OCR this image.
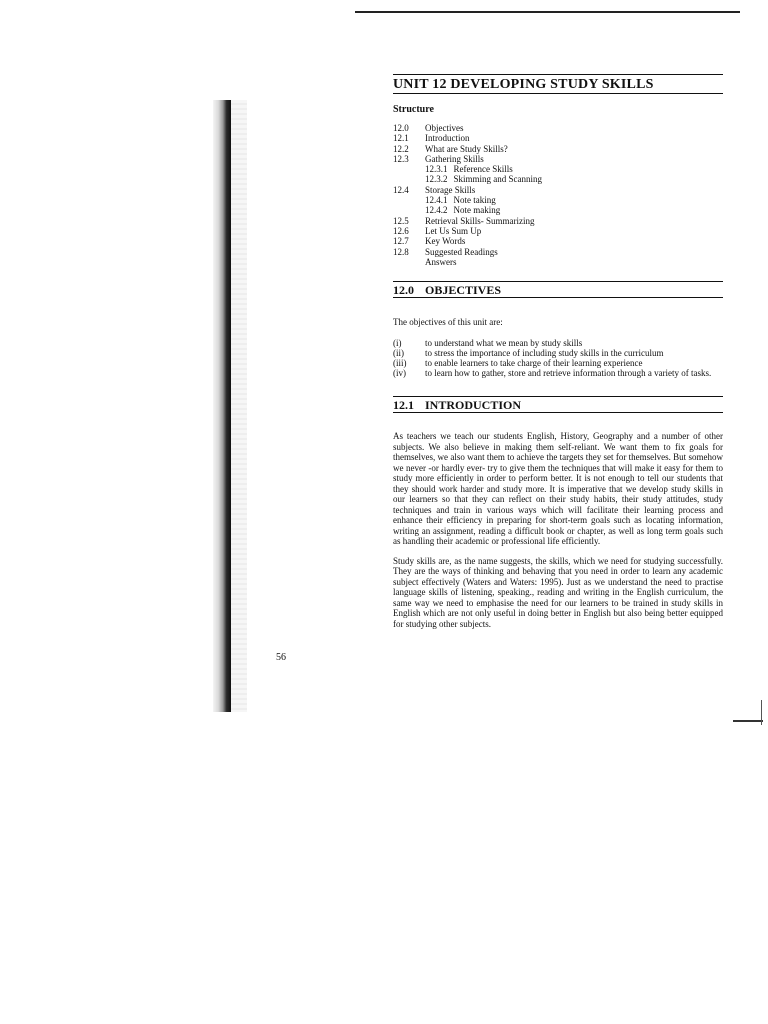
56
UNIT 12 DEVELOPING STUDY SKILLS
Structure
12.0	Objectives
12.1	Introduction
12.2	What are Study Skills?
12.3	Gathering Skills
12.3.1 Reference Skills
12.3.2 Skimming and Scanning
12.4	Storage Skills
12.4.1 Note taking
12.4.2 Note making
12.5	Retrieval Skills- Summarizing
12.6	Let Us Sum Up
12.7	Key Words
12.8	Suggested Readings
Answers
12.0 OBJECTIVES

The objectives of this unit are:

(i)	to understand what we mean by study skills
(ii)	to stress the importance of including study skills in the curriculum
(iii)	to enable learners to take charge of their learning experience
(iv)	to learn how to gather, store and retrieve information through a variety of tasks.
12.1 INTRODUCTION

As teachers we teach our students English, History, Geography and a number of other subjects. We also believe in making them self-reliant. We want them to fix goals for themselves, we also want them to achieve the targets they set for themselves. But somehow we never -or hardly ever- try to give them the techniques that will make it easy for them to study more efficiently in order to perform better. It is not enough to tell our students that they should work harder and study more. It is imperative that we develop study skills in our learners so that they can reflect on their study habits, their study attitudes, study techniques and train in various ways which will facilitate their learning process and enhance their efficiency in preparing for short-term goals such as locating information, writing an assignment, reading a difficult book or chapter, as well as long term goals such as handling their academic or professional life efficiently.

Study skills are, as the name suggests, the skills, which we need for studying successfully. They are the ways of thinking and behaving that you need in order to learn any academic subject effectively (Waters and Waters: 1995). Just as we understand the need to practise language skills of listening, speaking., reading and writing in the English curriculum, the same way we need to emphasise the need for our learners to be trained in study skills in English which are not only useful in doing better in English but also being better equipped for studying other subjects.
